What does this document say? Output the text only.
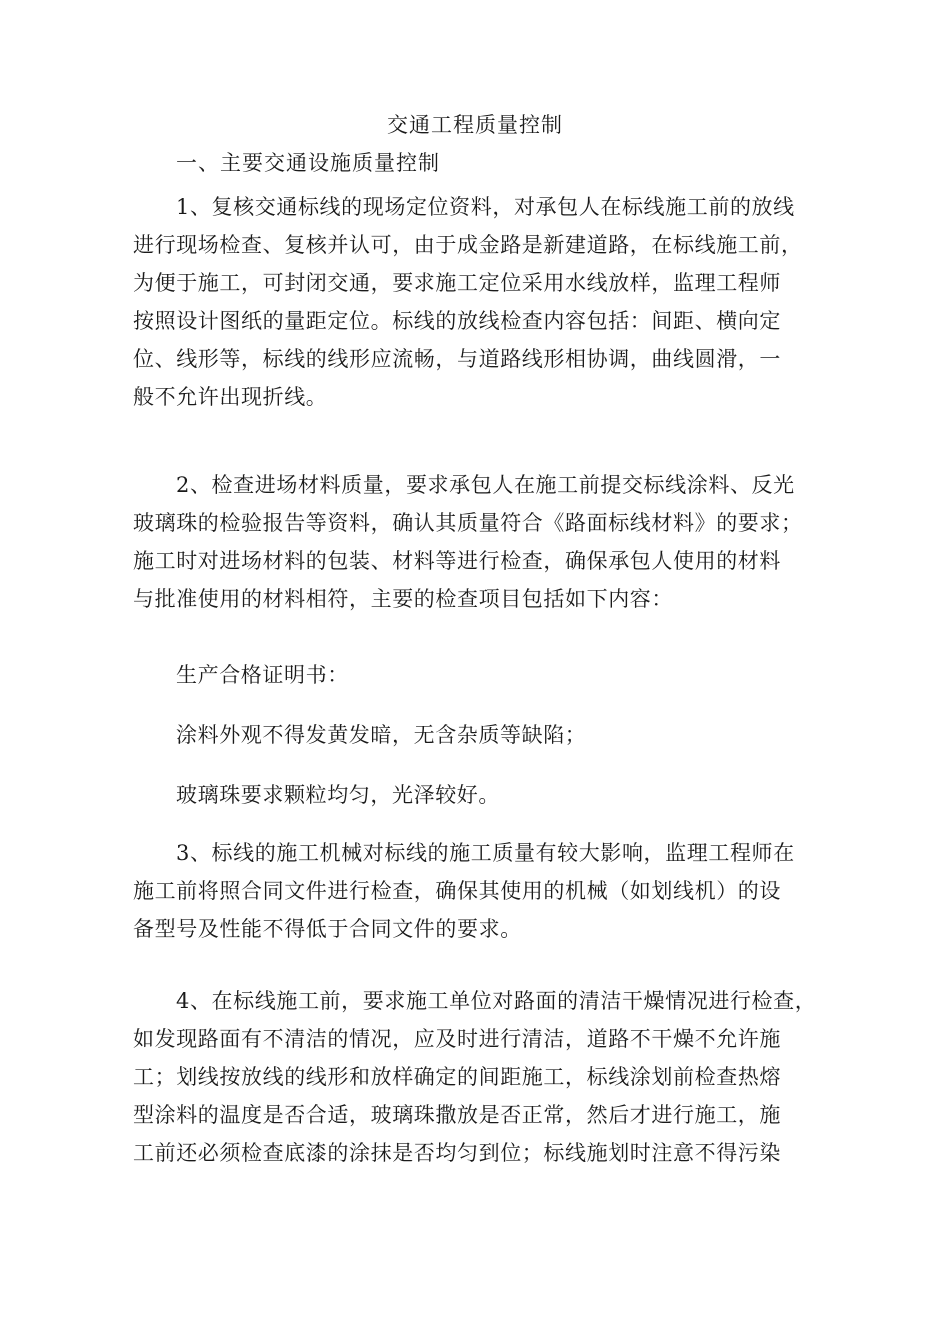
交通工程质量控制
一、主要交通设施质量控制
1、复核交通标线的现场定位资料，对承包人在标线施工前的放线
进行现场检查、复核并认可，由于成金路是新建道路，在标线施工前，
为便于施工，可封闭交通，要求施工定位采用水线放样，监理工程师
按照设计图纸的量距定位。标线的放线检查内容包括：间距、横向定
位、线形等，标线的线形应流畅，与道路线形相协调，曲线圆滑，一
般不允许出现折线。
2、检查进场材料质量，要求承包人在施工前提交标线涂料、反光
玻璃珠的检验报告等资料，确认其质量符合《路面标线材料》的要求；
施工时对进场材料的包装、材料等进行检查，确保承包人使用的材料
与批准使用的材料相符，主要的检查项目包括如下内容：
生产合格证明书：
涂料外观不得发黄发暗，无含杂质等缺陷；
玻璃珠要求颗粒均匀，光泽较好。
3、标线的施工机械对标线的施工质量有较大影响，监理工程师在
施工前将照合同文件进行检查，确保其使用的机械（如划线机）的设
备型号及性能不得低于合同文件的要求。
4、在标线施工前，要求施工单位对路面的清洁干燥情况进行检查，
如发现路面有不清洁的情况，应及时进行清洁，道路不干燥不允许施
工；划线按放线的线形和放样确定的间距施工，标线涂划前检查热熔
型涂料的温度是否合适，玻璃珠撒放是否正常，然后才进行施工，施
工前还必须检查底漆的涂抹是否均匀到位；标线施划时注意不得污染
